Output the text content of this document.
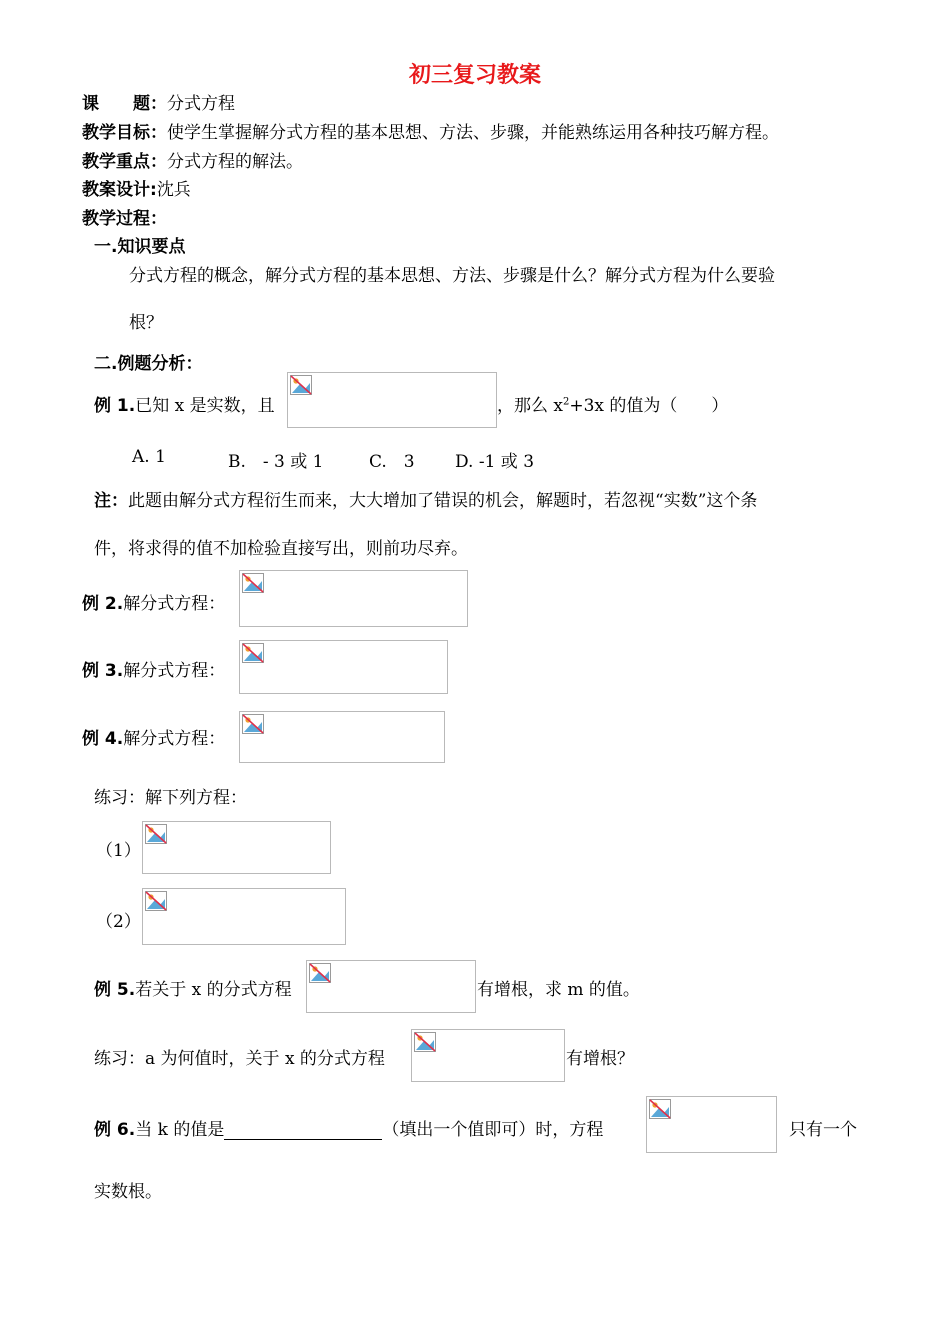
初三复习教案
课　　题：分式方程
教学目标：使学生掌握解分式方程的基本思想、方法、步骤，并能熟练运用各种技巧解方程。
教学重点：分式方程的解法。
教案设计:沈兵
教学过程：
一.知识要点
分式方程的概念，解分式方程的基本思想、方法、步骤是什么？解分式方程为什么要验
根？
二.例题分析：
例 1.已知 x 是实数，且	，那么 $x^2+3x$ 的值为（　　）
A. 1	B.　- 3 或 1	C.　3 D. -1 或 3
注：此题由解分式方程衍生而来，大大增加了错误的机会，解题时，若忽视“实数”这个条
件，将求得的值不加检验直接写出，则前功尽弃。
例 2.解分式方程：
例 3.解分式方程：
例 4.解分式方程：
练习：解下列方程：
（1）
（2）
例 5.若关于 x 的分式方程	有增根，求 m 的值。
练习：a 为何值时，关于 x 的分式方程	有增根？
例 6.当 k 的值是	（填出一个值即可）时，方程	只有一个
实数根。
